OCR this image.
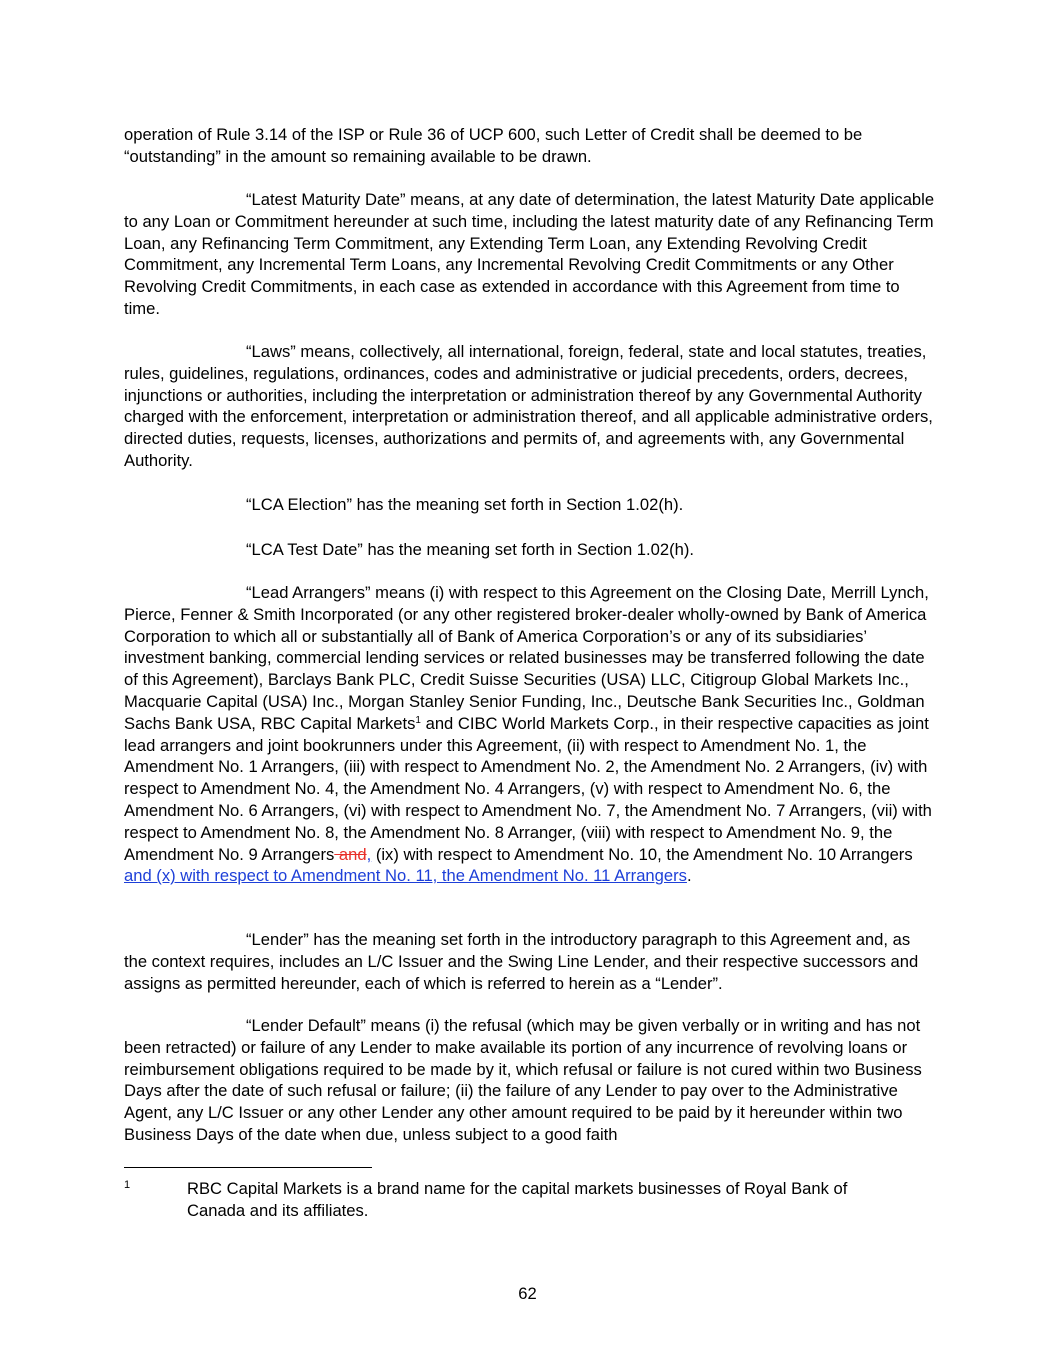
operation of Rule 3.14 of the ISP or Rule 36 of UCP 600, such Letter of Credit shall be deemed to be “outstanding” in the amount so remaining available to be drawn.

“Latest Maturity Date” means, at any date of determination, the latest Maturity Date applicable to any Loan or Commitment hereunder at such time, including the latest maturity date of any Refinancing Term Loan, any Refinancing Term Commitment, any Extending Term Loan, any Extending Revolving Credit Commitment, any Incremental Term Loans, any Incremental Revolving Credit Commitments or any Other Revolving Credit Commitments, in each case as extended in accordance with this Agreement from time to time.

“Laws” means, collectively, all international, foreign, federal, state and local statutes, treaties, rules, guidelines, regulations, ordinances, codes and administrative or judicial precedents, orders, decrees, injunctions or authorities, including the interpretation or administration thereof by any Governmental Authority charged with the enforcement, interpretation or administration thereof, and all applicable administrative orders, directed duties, requests, licenses, authorizations and permits of, and agreements with, any Governmental Authority.

“LCA Election” has the meaning set forth in Section 1.02(h).

“LCA Test Date” has the meaning set forth in Section 1.02(h).

“Lead Arrangers” means (i) with respect to this Agreement on the Closing Date, Merrill Lynch, Pierce, Fenner & Smith Incorporated (or any other registered broker-dealer wholly-owned by Bank of America Corporation to which all or substantially all of Bank of America Corporation’s or any of its subsidiaries’ investment banking, commercial lending services or related businesses may be transferred following the date of this Agreement), Barclays Bank PLC, Credit Suisse Securities (USA) LLC, Citigroup Global Markets Inc., Macquarie Capital (USA) Inc., Morgan Stanley Senior Funding, Inc., Deutsche Bank Securities Inc., Goldman Sachs Bank USA, RBC Capital Markets$^1$ and CIBC World Markets Corp., in their respective capacities as joint lead arrangers and joint bookrunners under this Agreement, (ii) with respect to Amendment No. 1, the Amendment No. 1 Arrangers, (iii) with respect to Amendment No. 2, the Amendment No. 2 Arrangers, (iv) with respect to Amendment No. 4, the Amendment No. 4 Arrangers, (v) with respect to Amendment No. 6, the Amendment No. 6 Arrangers, (vi) with respect to Amendment No. 7, the Amendment No. 7 Arrangers, (vii) with respect to Amendment No. 8, the Amendment No. 8 Arranger, (viii) with respect to Amendment No. 9, the Amendment No. 9 Arrangers and, (ix) with respect to Amendment No. 10, the Amendment No. 10 Arrangers and (x) with respect to Amendment No. 11, the Amendment No. 11 Arrangers.

“Lender” has the meaning set forth in the introductory paragraph to this Agreement and, as the context requires, includes an L/C Issuer and the Swing Line Lender, and their respective successors and assigns as permitted hereunder, each of which is referred to herein as a “Lender”.

“Lender Default” means (i) the refusal (which may be given verbally or in writing and has not been retracted) or failure of any Lender to make available its portion of any incurrence of revolving loans or reimbursement obligations required to be made by it, which refusal or failure is not cured within two Business Days after the date of such refusal or failure; (ii) the failure of any Lender to pay over to the Administrative Agent, any L/C Issuer or any other Lender any other amount required to be paid by it hereunder within two Business Days of the date when due, unless subject to a good faith

1	RBC Capital Markets is a brand name for the capital markets businesses of Royal Bank of Canada and its affiliates.
62
